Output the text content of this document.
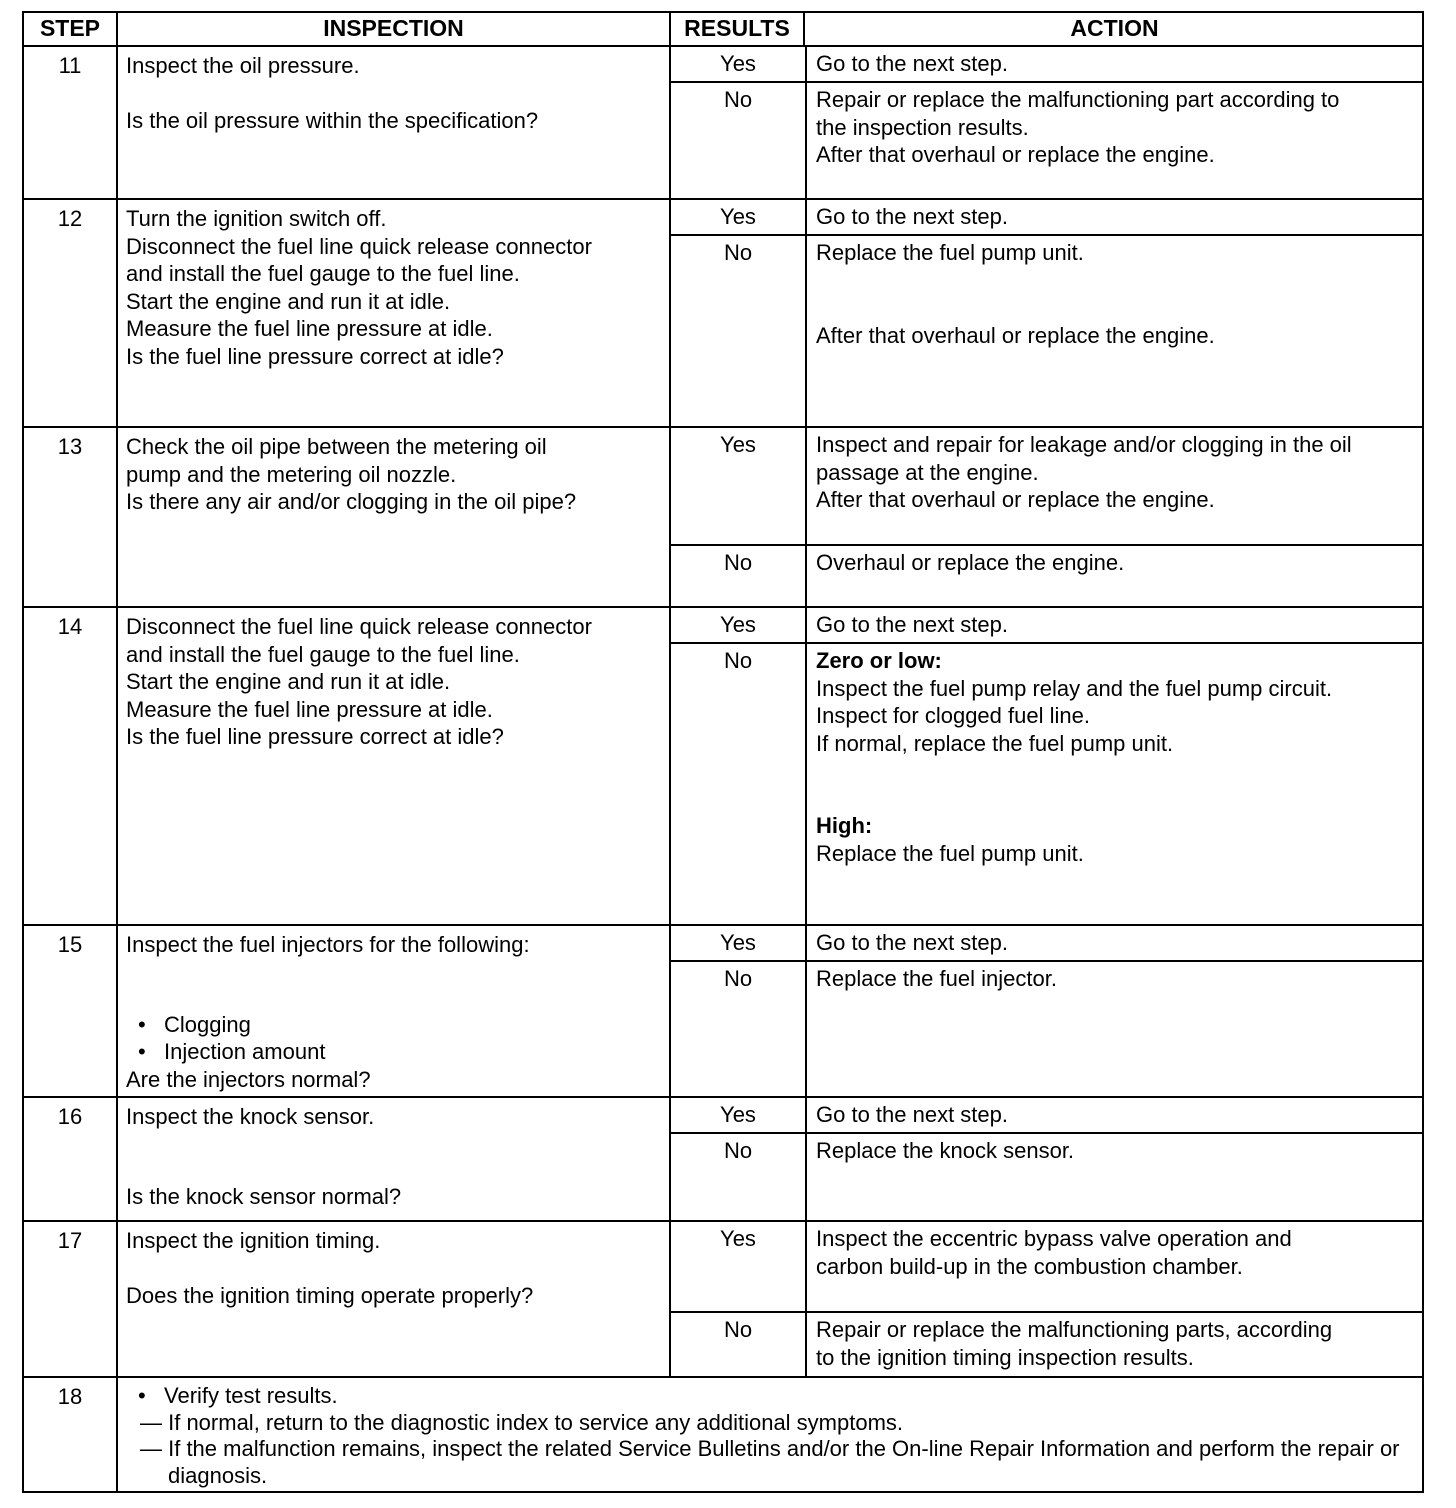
STEP	INSPECTION	RESULTS	ACTION
11	Inspect the oil pressure.
Is the oil pressure within the specification?
Yes	Go to the next step.
No	Repair or replace the malfunctioning part according to
the inspection results.
After that overhaul or replace the engine.
12	Turn the ignition switch off.
Disconnect the fuel line quick release connector
and install the fuel gauge to the fuel line.
Start the engine and run it at idle.
Measure the fuel line pressure at idle.
Is the fuel line pressure correct at idle?
Yes	Go to the next step.
No	Replace the fuel pump unit.
After that overhaul or replace the engine.
13	Check the oil pipe between the metering oil
pump and the metering oil nozzle.
Is there any air and/or clogging in the oil pipe?
Yes	Inspect and repair for leakage and/or clogging in the oil
passage at the engine.
After that overhaul or replace the engine.
No	Overhaul or replace the engine.
14	Disconnect the fuel line quick release connector
and install the fuel gauge to the fuel line.
Start the engine and run it at idle.
Measure the fuel line pressure at idle.
Is the fuel line pressure correct at idle?
Yes	Go to the next step.
No	Zero or low:
Inspect the fuel pump relay and the fuel pump circuit.
Inspect for clogged fuel line.
If normal, replace the fuel pump unit.
High:
Replace the fuel pump unit.
15	Inspect the fuel injectors for the following:
• Clogging
• Injection amount
Are the injectors normal?
Yes	Go to the next step.
No	Replace the fuel injector.
16	Inspect the knock sensor.
Is the knock sensor normal?
Yes	Go to the next step.
No	Replace the knock sensor.
17	Inspect the ignition timing.
Does the ignition timing operate properly?
Yes	Inspect the eccentric bypass valve operation and
carbon build-up in the combustion chamber.
No	Repair or replace the malfunctioning parts, according
to the ignition timing inspection results.
18
•	Verify test results.
— If normal, return to the diagnostic index to service any additional symptoms.
— If the malfunction remains, inspect the related Service Bulletins and/or the On-line Repair Information and perform the repair or diagnosis.
